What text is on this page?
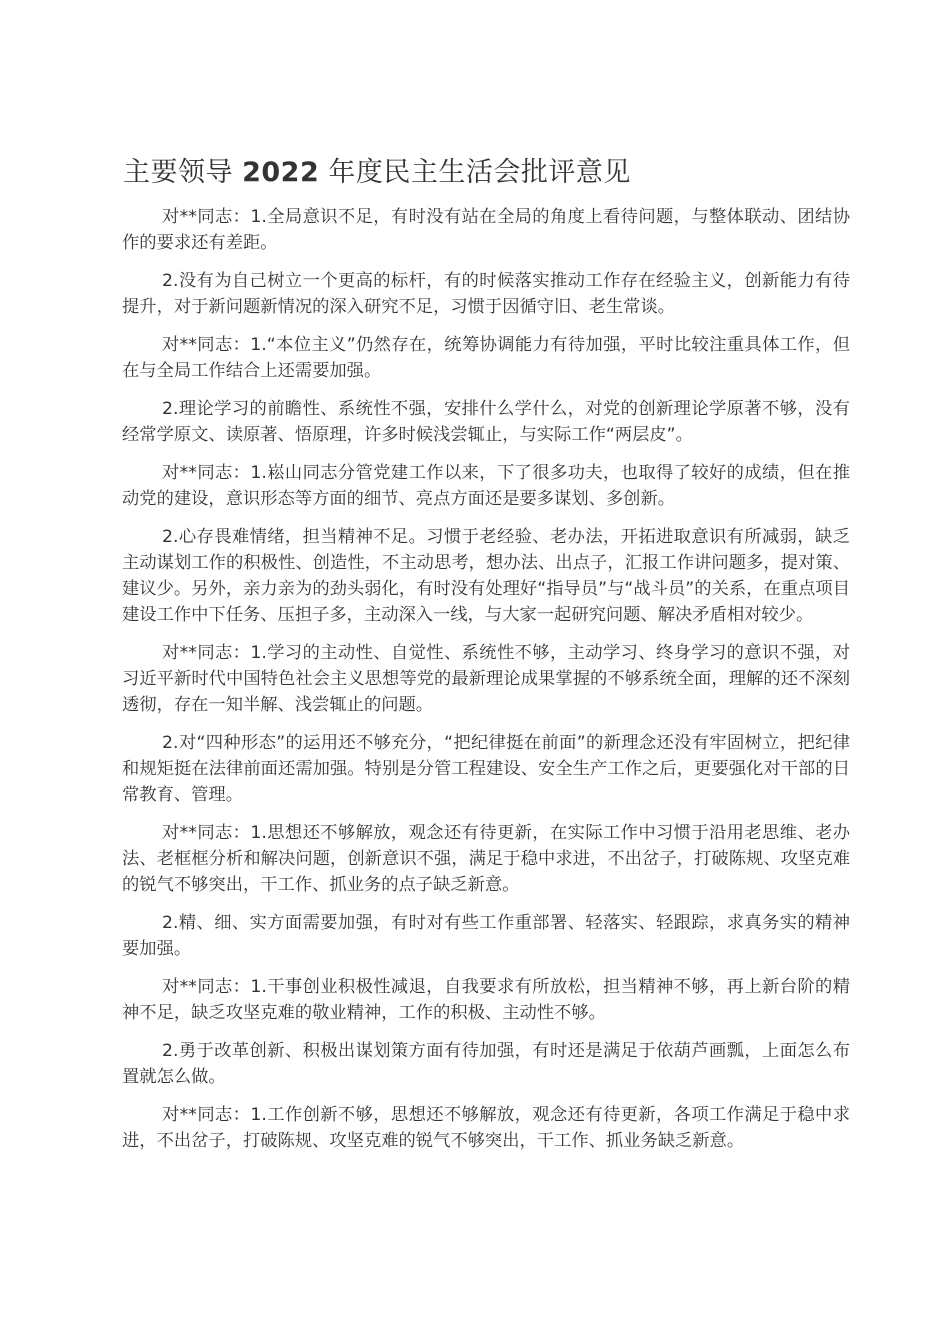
主要领导 2022 年度民主生活会批评意见

对**同志：1.全局意识不足，有时没有站在全局的角度上看待问题，与整体联动、团结协作的要求还有差距。

2.没有为自己树立一个更高的标杆，有的时候落实推动工作存在经验主义，创新能力有待提升，对于新问题新情况的深入研究不足，习惯于因循守旧、老生常谈。

对**同志：1.“本位主义”仍然存在，统筹协调能力有待加强，平时比较注重具体工作，但在与全局工作结合上还需要加强。

2.理论学习的前瞻性、系统性不强，安排什么学什么，对党的创新理论学原著不够，没有经常学原文、读原著、悟原理，许多时候浅尝辄止，与实际工作“两层皮”。

对**同志：1.崧山同志分管党建工作以来，下了很多功夫，也取得了较好的成绩，但在推动党的建设，意识形态等方面的细节、亮点方面还是要多谋划、多创新。

2.心存畏难情绪，担当精神不足。习惯于老经验、老办法，开拓进取意识有所减弱，缺乏主动谋划工作的积极性、创造性，不主动思考，想办法、出点子，汇报工作讲问题多，提对策、建议少。另外，亲力亲为的劲头弱化，有时没有处理好“指导员”与“战斗员”的关系，在重点项目建设工作中下任务、压担子多，主动深入一线，与大家一起研究问题、解决矛盾相对较少。

对**同志：1.学习的主动性、自觉性、系统性不够，主动学习、终身学习的意识不强，对习近平新时代中国特色社会主义思想等党的最新理论成果掌握的不够系统全面，理解的还不深刻透彻，存在一知半解、浅尝辄止的问题。

2.对“四种形态”的运用还不够充分，“把纪律挺在前面”的新理念还没有牢固树立，把纪律和规矩挺在法律前面还需加强。特别是分管工程建设、安全生产工作之后，更要强化对干部的日常教育、管理。

对**同志：1.思想还不够解放，观念还有待更新，在实际工作中习惯于沿用老思维、老办法、老框框分析和解决问题，创新意识不强，满足于稳中求进，不出岔子，打破陈规、攻坚克难的锐气不够突出，干工作、抓业务的点子缺乏新意。

2.精、细、实方面需要加强，有时对有些工作重部署、轻落实、轻跟踪，求真务实的精神要加强。

对**同志：1.干事创业积极性减退，自我要求有所放松，担当精神不够，再上新台阶的精神不足，缺乏攻坚克难的敬业精神，工作的积极、主动性不够。

2.勇于改革创新、积极出谋划策方面有待加强，有时还是满足于依葫芦画瓢，上面怎么布置就怎么做。

对**同志：1.工作创新不够，思想还不够解放，观念还有待更新，各项工作满足于稳中求进，不出岔子，打破陈规、攻坚克难的锐气不够突出，干工作、抓业务缺乏新意。
